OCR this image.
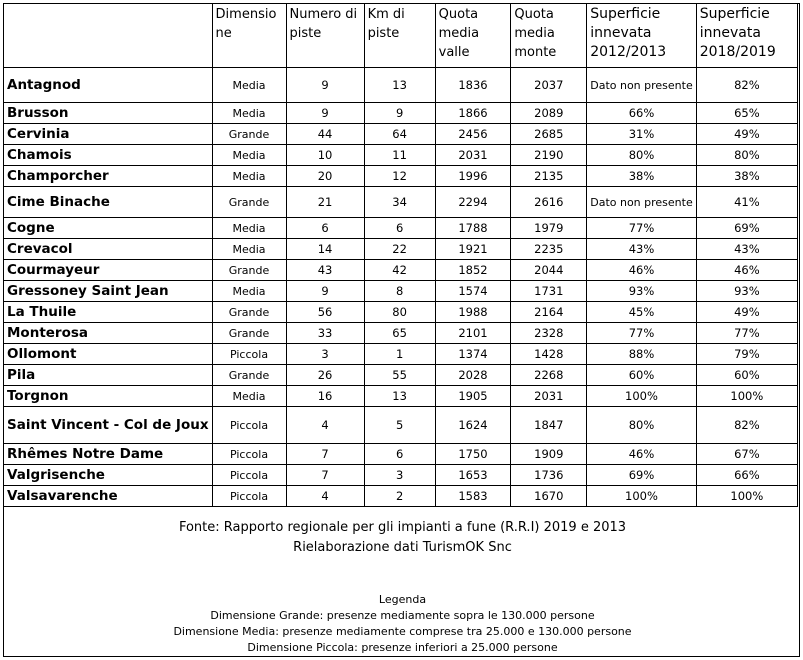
	Dimensione	Numero di piste	Km di piste	Quota media valle	Quota media monte	Superficie innevata 2012/2013	Superficie innevata 2018/2019
Antagnod	Media	9	13	1836	2037	Dato non presente	82%
Brusson	Media	9	9	1866	2089	66%	65%
Cervinia	Grande	44	64	2456	2685	31%	49%
Chamois	Media	10	11	2031	2190	80%	80%
Champorcher	Media	20	12	1996	2135	38%	38%
Cime Binache	Grande	21	34	2294	2616	Dato non presente	41%
Cogne	Media	6	6	1788	1979	77%	69%
Crevacol	Media	14	22	1921	2235	43%	43%
Courmayeur	Grande	43	42	1852	2044	46%	46%
Gressoney Saint Jean	Media	9	8	1574	1731	93%	93%
La Thuile	Grande	56	80	1988	2164	45%	49%
Monterosa	Grande	33	65	2101	2328	77%	77%
Ollomont	Piccola	3	1	1374	1428	88%	79%
Pila	Grande	26	55	2028	2268	60%	60%
Torgnon	Media	16	13	1905	2031	100%	100%
Saint Vincent - Col de Joux	Piccola	4	5	1624	1847	80%	82%
Rhêmes Notre Dame	Piccola	7	6	1750	1909	46%	67%
Valgrisenche	Piccola	7	3	1653	1736	69%	66%
Valsavarenche	Piccola	4	2	1583	1670	100%	100%
Fonte: Rapporto regionale per gli impianti a fune (R.R.I) 2019 e 2013
Rielaborazione dati TurismOK Snc
Legenda
Dimensione Grande: presenze mediamente sopra le 130.000 persone
Dimensione Media: presenze mediamente comprese tra 25.000 e 130.000 persone
Dimensione Piccola: presenze inferiori a 25.000 persone
